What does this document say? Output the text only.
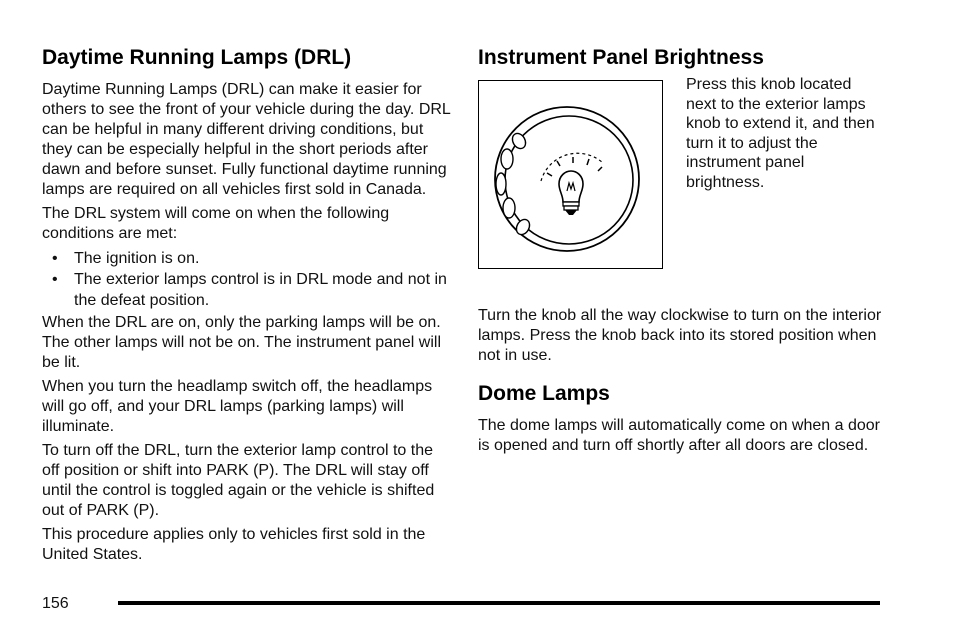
Daytime Running Lamps (DRL)

Daytime Running Lamps (DRL) can make it easier for others to see the front of your vehicle during the day. DRL can be helpful in many different driving conditions, but they can be especially helpful in the short periods after dawn and before sunset. Fully functional daytime running lamps are required on all vehicles first sold in Canada.

The DRL system will come on when the following conditions are met:

• The ignition is on.
• The exterior lamps control is in DRL mode and not in the defeat position.

When the DRL are on, only the parking lamps will be on. The other lamps will not be on. The instrument panel will be lit.

When you turn the headlamp switch off, the headlamps will go off, and your DRL lamps (parking lamps) will illuminate.

To turn off the DRL, turn the exterior lamp control to the off position or shift into PARK (P). The DRL will stay off until the control is toggled again or the vehicle is shifted out of PARK (P).

This procedure applies only to vehicles first sold in the United States.

Instrument Panel Brightness

Press this knob located next to the exterior lamps knob to extend it, and then turn it to adjust the instrument panel brightness.

Turn the knob all the way clockwise to turn on the interior lamps. Press the knob back into its stored position when not in use.

Dome Lamps

The dome lamps will automatically come on when a door is opened and turn off shortly after all doors are closed.

156
